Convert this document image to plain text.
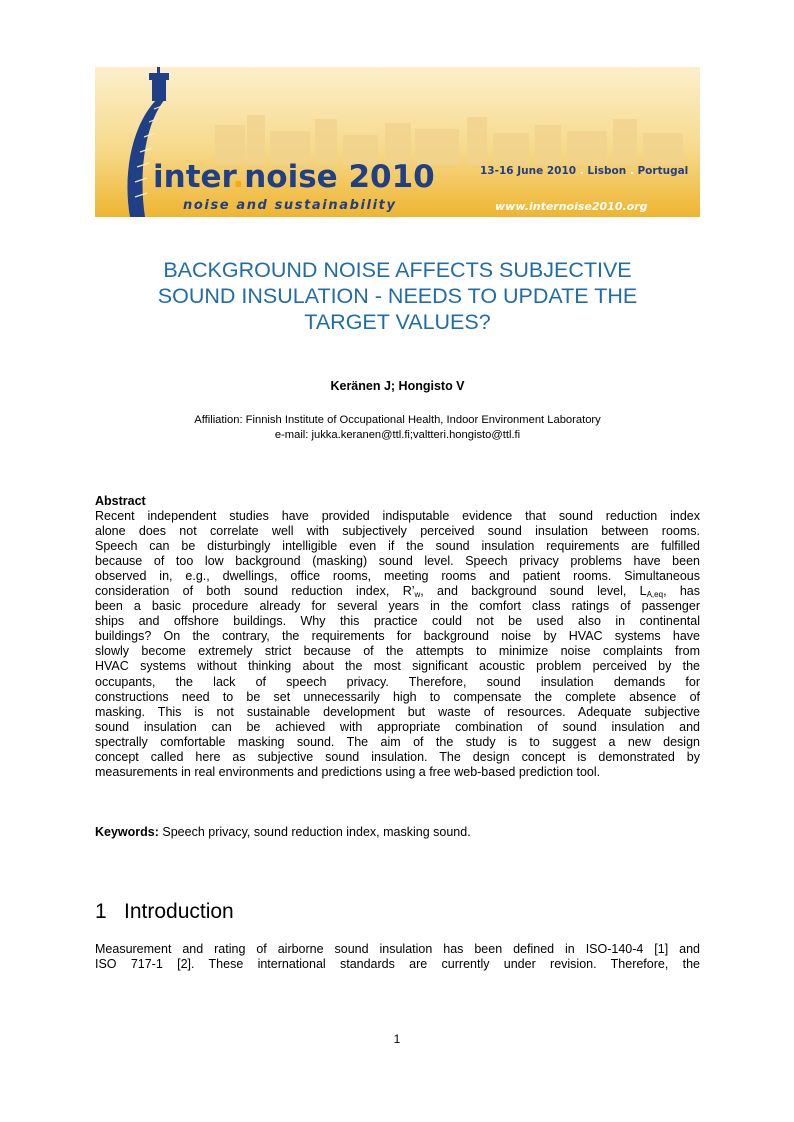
inter.noise 2010
noise and sustainability
13-16 June 2010 . Lisbon . Portugal
www.internoise2010.org
BACKGROUND NOISE AFFECTS SUBJECTIVE
SOUND INSULATION - NEEDS TO UPDATE THE
TARGET VALUES?
Keränen J; Hongisto V
Affiliation: Finnish Institute of Occupational Health, Indoor Environment Laboratory
e-mail: jukka.keranen@ttl.fi;valtteri.hongisto@ttl.fi
Abstract
Recent independent studies have provided indisputable evidence that sound reduction index
alone does not correlate well with subjectively perceived sound insulation between rooms.
Speech can be disturbingly intelligible even if the sound insulation requirements are fulfilled
because of too low background (masking) sound level. Speech privacy problems have been
observed in, e.g., dwellings, office rooms, meeting rooms and patient rooms. Simultaneous
consideration of both sound reduction index, $R’_w$, and background sound level, $L_{A,eq}$, has
been a basic procedure already for several years in the comfort class ratings of passenger
ships and offshore buildings. Why this practice could not be used also in continental
buildings? On the contrary, the requirements for background noise by HVAC systems have
slowly become extremely strict because of the attempts to minimize noise complaints from
HVAC systems without thinking about the most significant acoustic problem perceived by the
occupants, the lack of speech privacy. Therefore, sound insulation demands for
constructions need to be set unnecessarily high to compensate the complete absence of
masking. This is not sustainable development but waste of resources. Adequate subjective
sound insulation can be achieved with appropriate combination of sound insulation and
spectrally comfortable masking sound. The aim of the study is to suggest a new design
concept called here as subjective sound insulation. The design concept is demonstrated by
measurements in real environments and predictions using a free web-based prediction tool.
Keywords: Speech privacy, sound reduction index, masking sound.
1 Introduction
Measurement and rating of airborne sound insulation has been defined in ISO-140-4 [1] and
ISO 717-1 [2]. These international standards are currently under revision. Therefore, the
1
